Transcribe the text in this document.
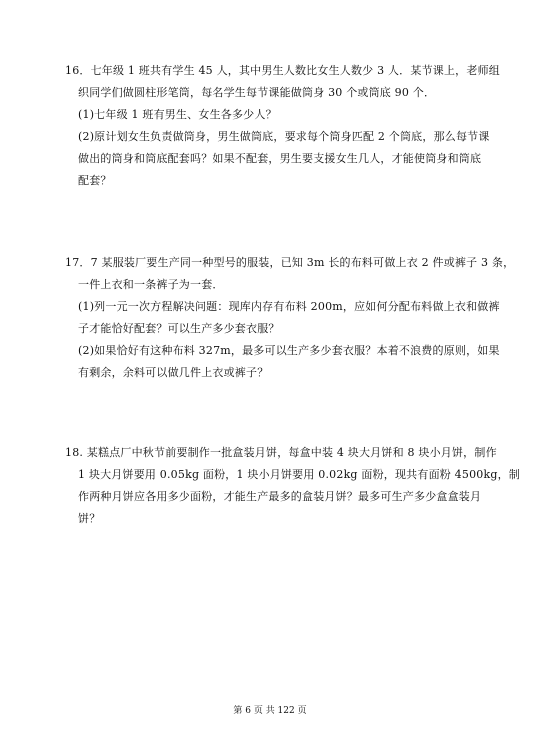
16．七年级 1 班共有学生 45 人，其中男生人数比女生人数少 3 人．某节课上，老师组
织同学们做圆柱形笔筒，每名学生每节课能做筒身 30 个或筒底 90 个．
(1)七年级 1 班有男生、女生各多少人？
(2)原计划女生负责做筒身，男生做筒底，要求每个筒身匹配 2 个筒底，那么每节课
做出的筒身和筒底配套吗？如果不配套，男生要支援女生几人，才能使筒身和筒底
配套？
17．7 某服装厂要生产同一种型号的服装，已知 3m 长的布料可做上衣 2 件或裤子 3 条，
一件上衣和一条裤子为一套．
(1)列一元一次方程解决问题：现库内存有布料 200m，应如何分配布料做上衣和做裤
子才能恰好配套？可以生产多少套衣服？
(2)如果恰好有这种布料 327m，最多可以生产多少套衣服？本着不浪费的原则，如果
有剩余，余料可以做几件上衣或裤子？
18. 某糕点厂中秋节前要制作一批盒装月饼，每盒中装 4 块大月饼和 8 块小月饼，制作
1 块大月饼要用 0.05kg 面粉，1 块小月饼要用 0.02kg 面粉，现共有面粉 4500kg，制
作两种月饼应各用多少面粉，才能生产最多的盒装月饼？最多可生产多少盒盒装月
饼？
第 6 页 共 122 页
